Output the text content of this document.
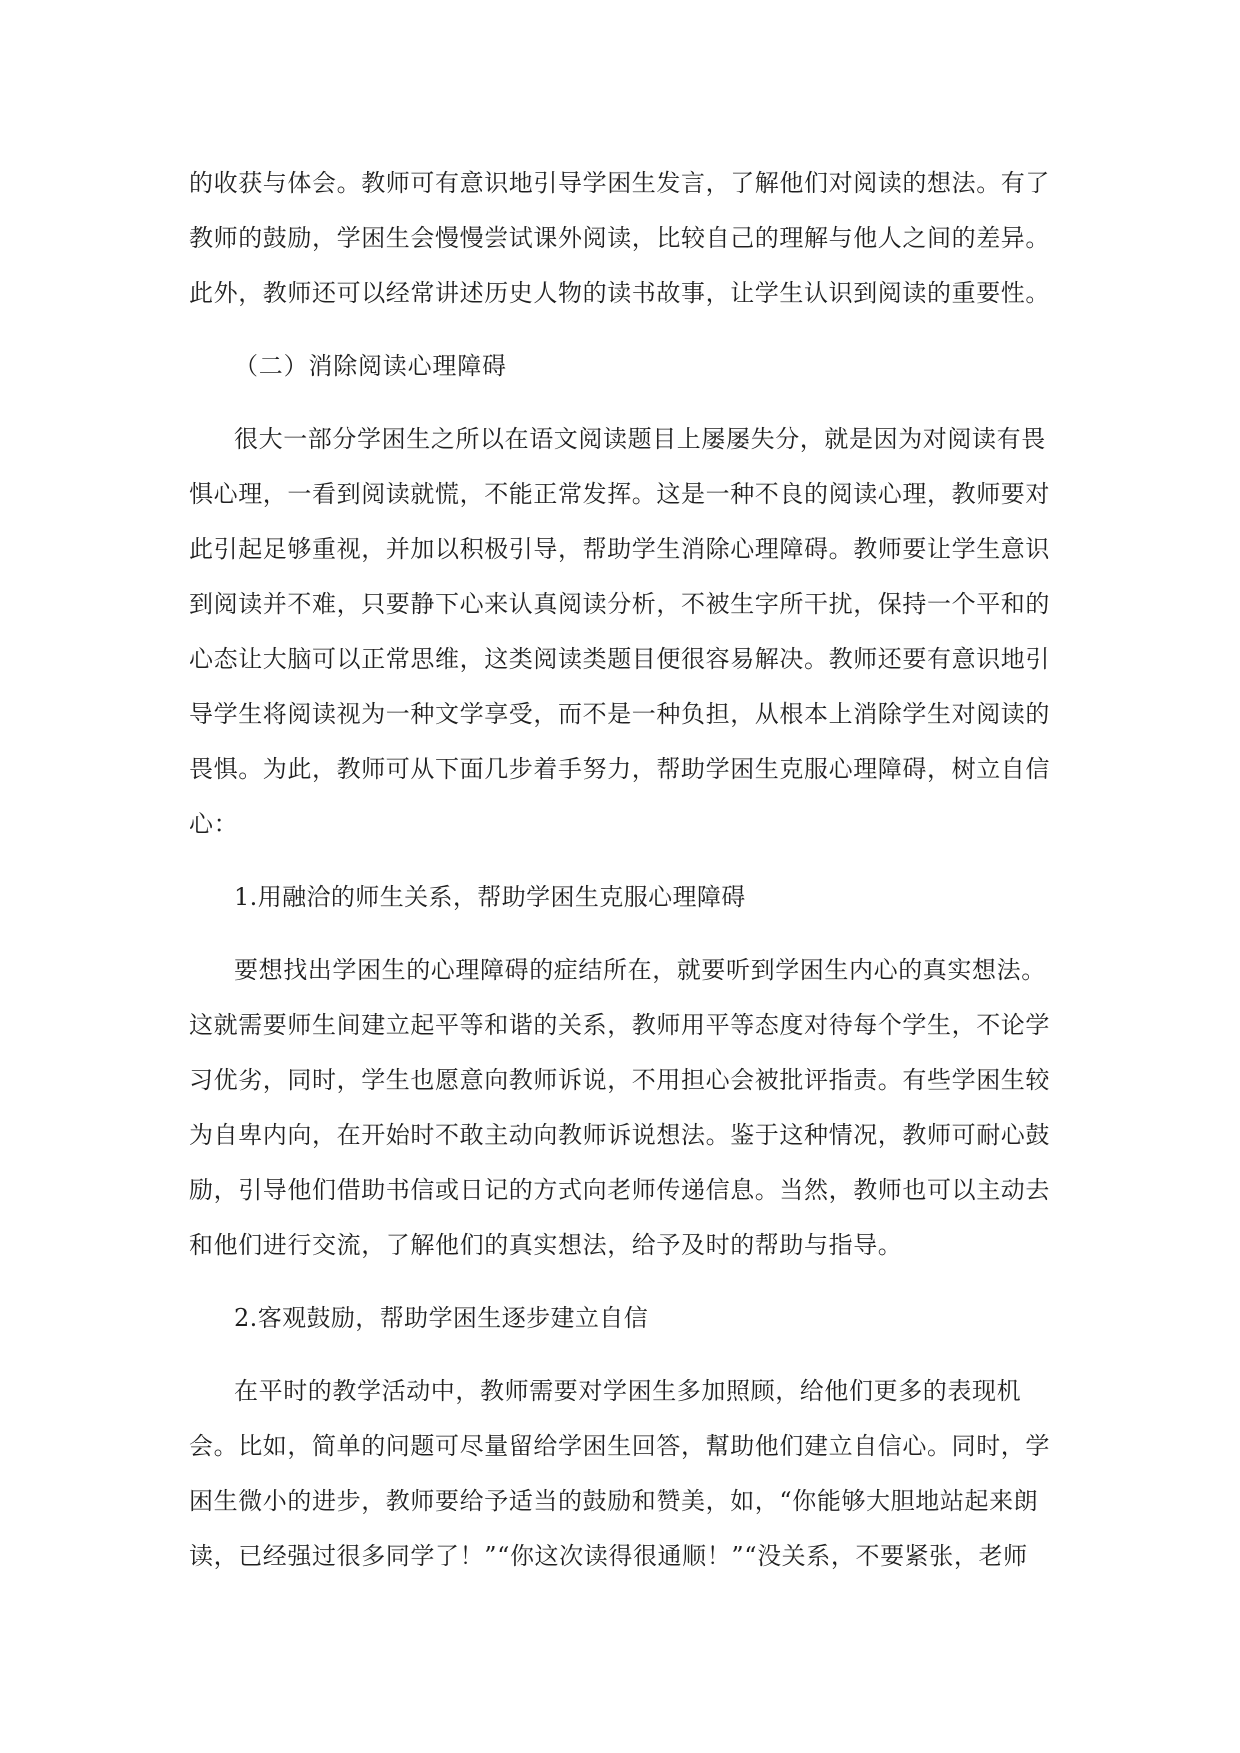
的收获与体会。教师可有意识地引导学困生发言，了解他们对阅读的想法。有了教师的鼓励，学困生会慢慢尝试课外阅读，比较自己的理解与他人之间的差异。此外，教师还可以经常讲述历史人物的读书故事，让学生认识到阅读的重要性。

（二）消除阅读心理障碍

很大一部分学困生之所以在语文阅读题目上屡屡失分，就是因为对阅读有畏惧心理，一看到阅读就慌，不能正常发挥。这是一种不良的阅读心理，教师要对此引起足够重视，并加以积极引导，帮助学生消除心理障碍。教师要让学生意识到阅读并不难，只要静下心来认真阅读分析，不被生字所干扰，保持一个平和的心态让大脑可以正常思维，这类阅读类题目便很容易解决。教师还要有意识地引导学生将阅读视为一种文学享受，而不是一种负担，从根本上消除学生对阅读的畏惧。为此，教师可从下面几步着手努力，帮助学困生克服心理障碍，树立自信心：

1.用融洽的师生关系，帮助学困生克服心理障碍

要想找出学困生的心理障碍的症结所在，就要听到学困生内心的真实想法。这就需要师生间建立起平等和谐的关系，教师用平等态度对待每个学生，不论学习优劣，同时，学生也愿意向教师诉说，不用担心会被批评指责。有些学困生较为自卑内向，在开始时不敢主动向教师诉说想法。鉴于这种情况，教师可耐心鼓励，引导他们借助书信或日记的方式向老师传递信息。当然，教师也可以主动去和他们进行交流，了解他们的真实想法，给予及时的帮助与指导。

2.客观鼓励，帮助学困生逐步建立自信

在平时的教学活动中，教师需要对学困生多加照顾，给他们更多的表现机会。比如，简单的问题可尽量留给学困生回答，幫助他们建立自信心。同时，学困生微小的进步，教师要给予适当的鼓励和赞美，如，“你能够大胆地站起来朗读，已经强过很多同学了！”“你这次读得很通顺！”“没关系，不要紧张，老师
